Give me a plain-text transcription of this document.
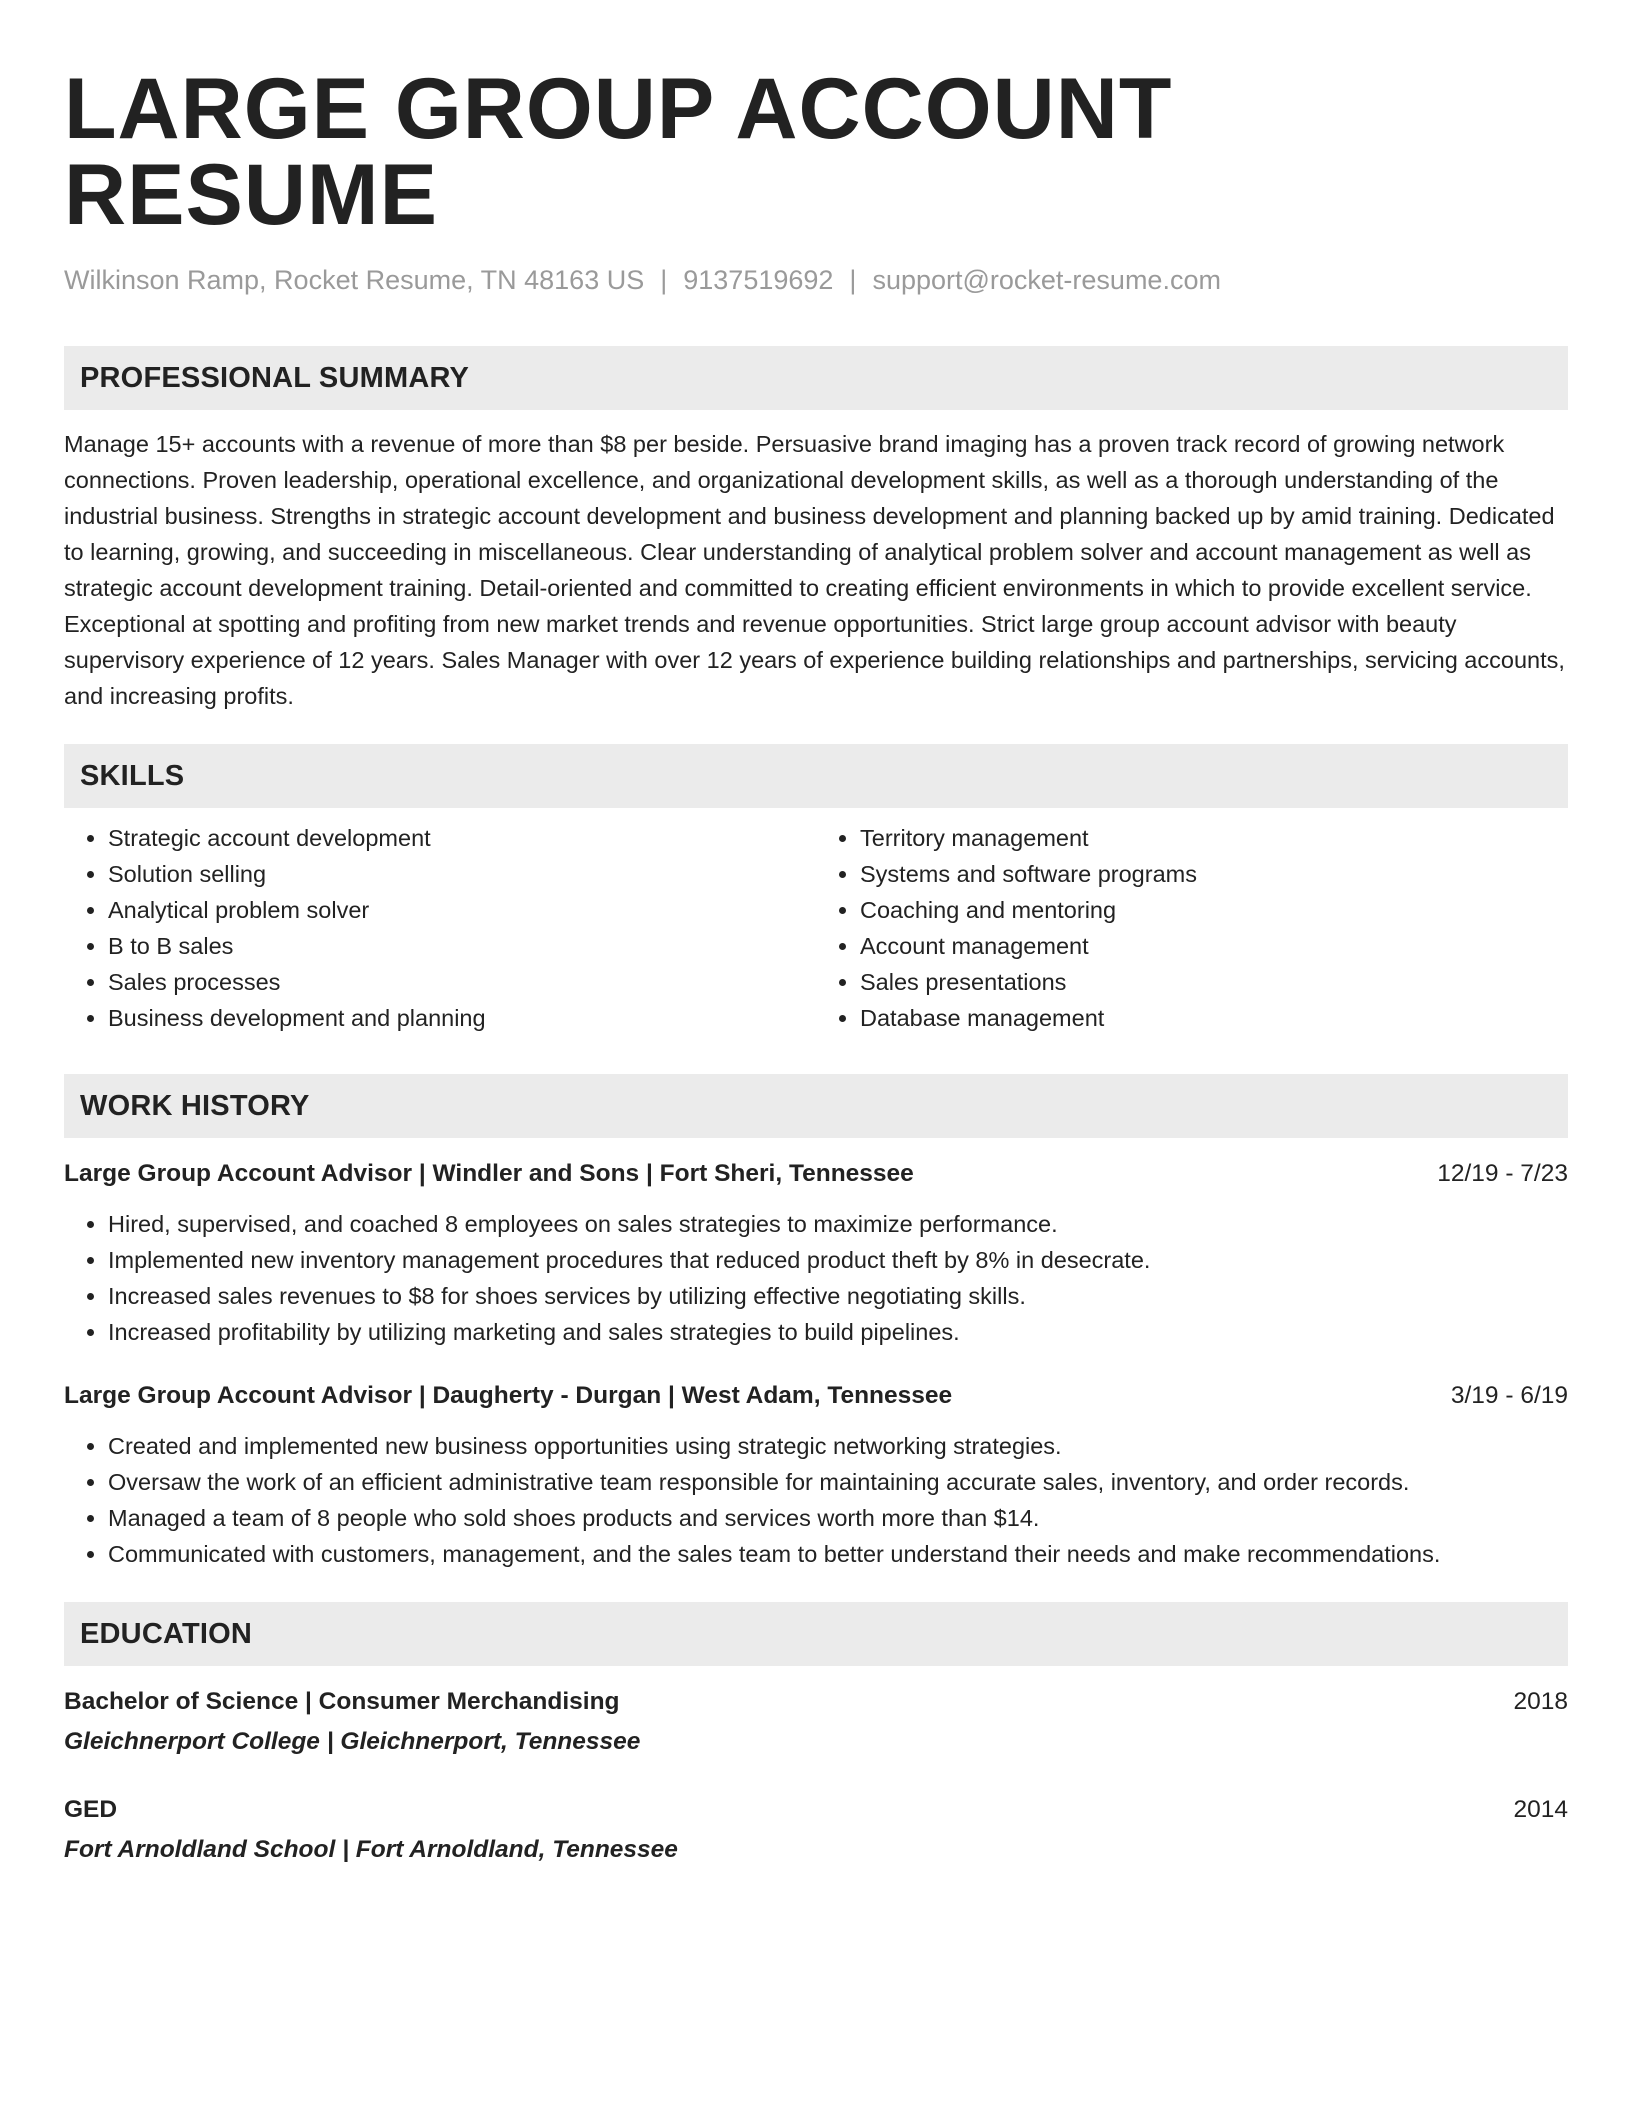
LARGE GROUP ACCOUNT RESUME
Wilkinson Ramp, Rocket Resume, TN 48163 US | 9137519692 | support@rocket-resume.com
PROFESSIONAL SUMMARY
Manage 15+ accounts with a revenue of more than $8 per beside. Persuasive brand imaging has a proven track record of growing network connections. Proven leadership, operational excellence, and organizational development skills, as well as a thorough understanding of the industrial business. Strengths in strategic account development and business development and planning backed up by amid training. Dedicated to learning, growing, and succeeding in miscellaneous. Clear understanding of analytical problem solver and account management as well as strategic account development training. Detail-oriented and committed to creating efficient environments in which to provide excellent service. Exceptional at spotting and profiting from new market trends and revenue opportunities. Strict large group account advisor with beauty supervisory experience of 12 years. Sales Manager with over 12 years of experience building relationships and partnerships, servicing accounts, and increasing profits.
SKILLS
• Strategic account development
• Solution selling
• Analytical problem solver
• B to B sales
• Sales processes
• Business development and planning
• Territory management
• Systems and software programs
• Coaching and mentoring
• Account management
• Sales presentations
• Database management
WORK HISTORY
Large Group Account Advisor | Windler and Sons | Fort Sheri, Tennessee	12/19 - 7/23
• Hired, supervised, and coached 8 employees on sales strategies to maximize performance.
• Implemented new inventory management procedures that reduced product theft by 8% in desecrate.
• Increased sales revenues to $8 for shoes services by utilizing effective negotiating skills.
• Increased profitability by utilizing marketing and sales strategies to build pipelines.
Large Group Account Advisor | Daugherty - Durgan | West Adam, Tennessee	3/19 - 6/19
• Created and implemented new business opportunities using strategic networking strategies.
• Oversaw the work of an efficient administrative team responsible for maintaining accurate sales, inventory, and order records.
• Managed a team of 8 people who sold shoes products and services worth more than $14.
• Communicated with customers, management, and the sales team to better understand their needs and make recommendations.
EDUCATION
Bachelor of Science | Consumer Merchandising	2018
Gleichnerport College | Gleichnerport, Tennessee
GED	2014
Fort Arnoldland School | Fort Arnoldland, Tennessee
